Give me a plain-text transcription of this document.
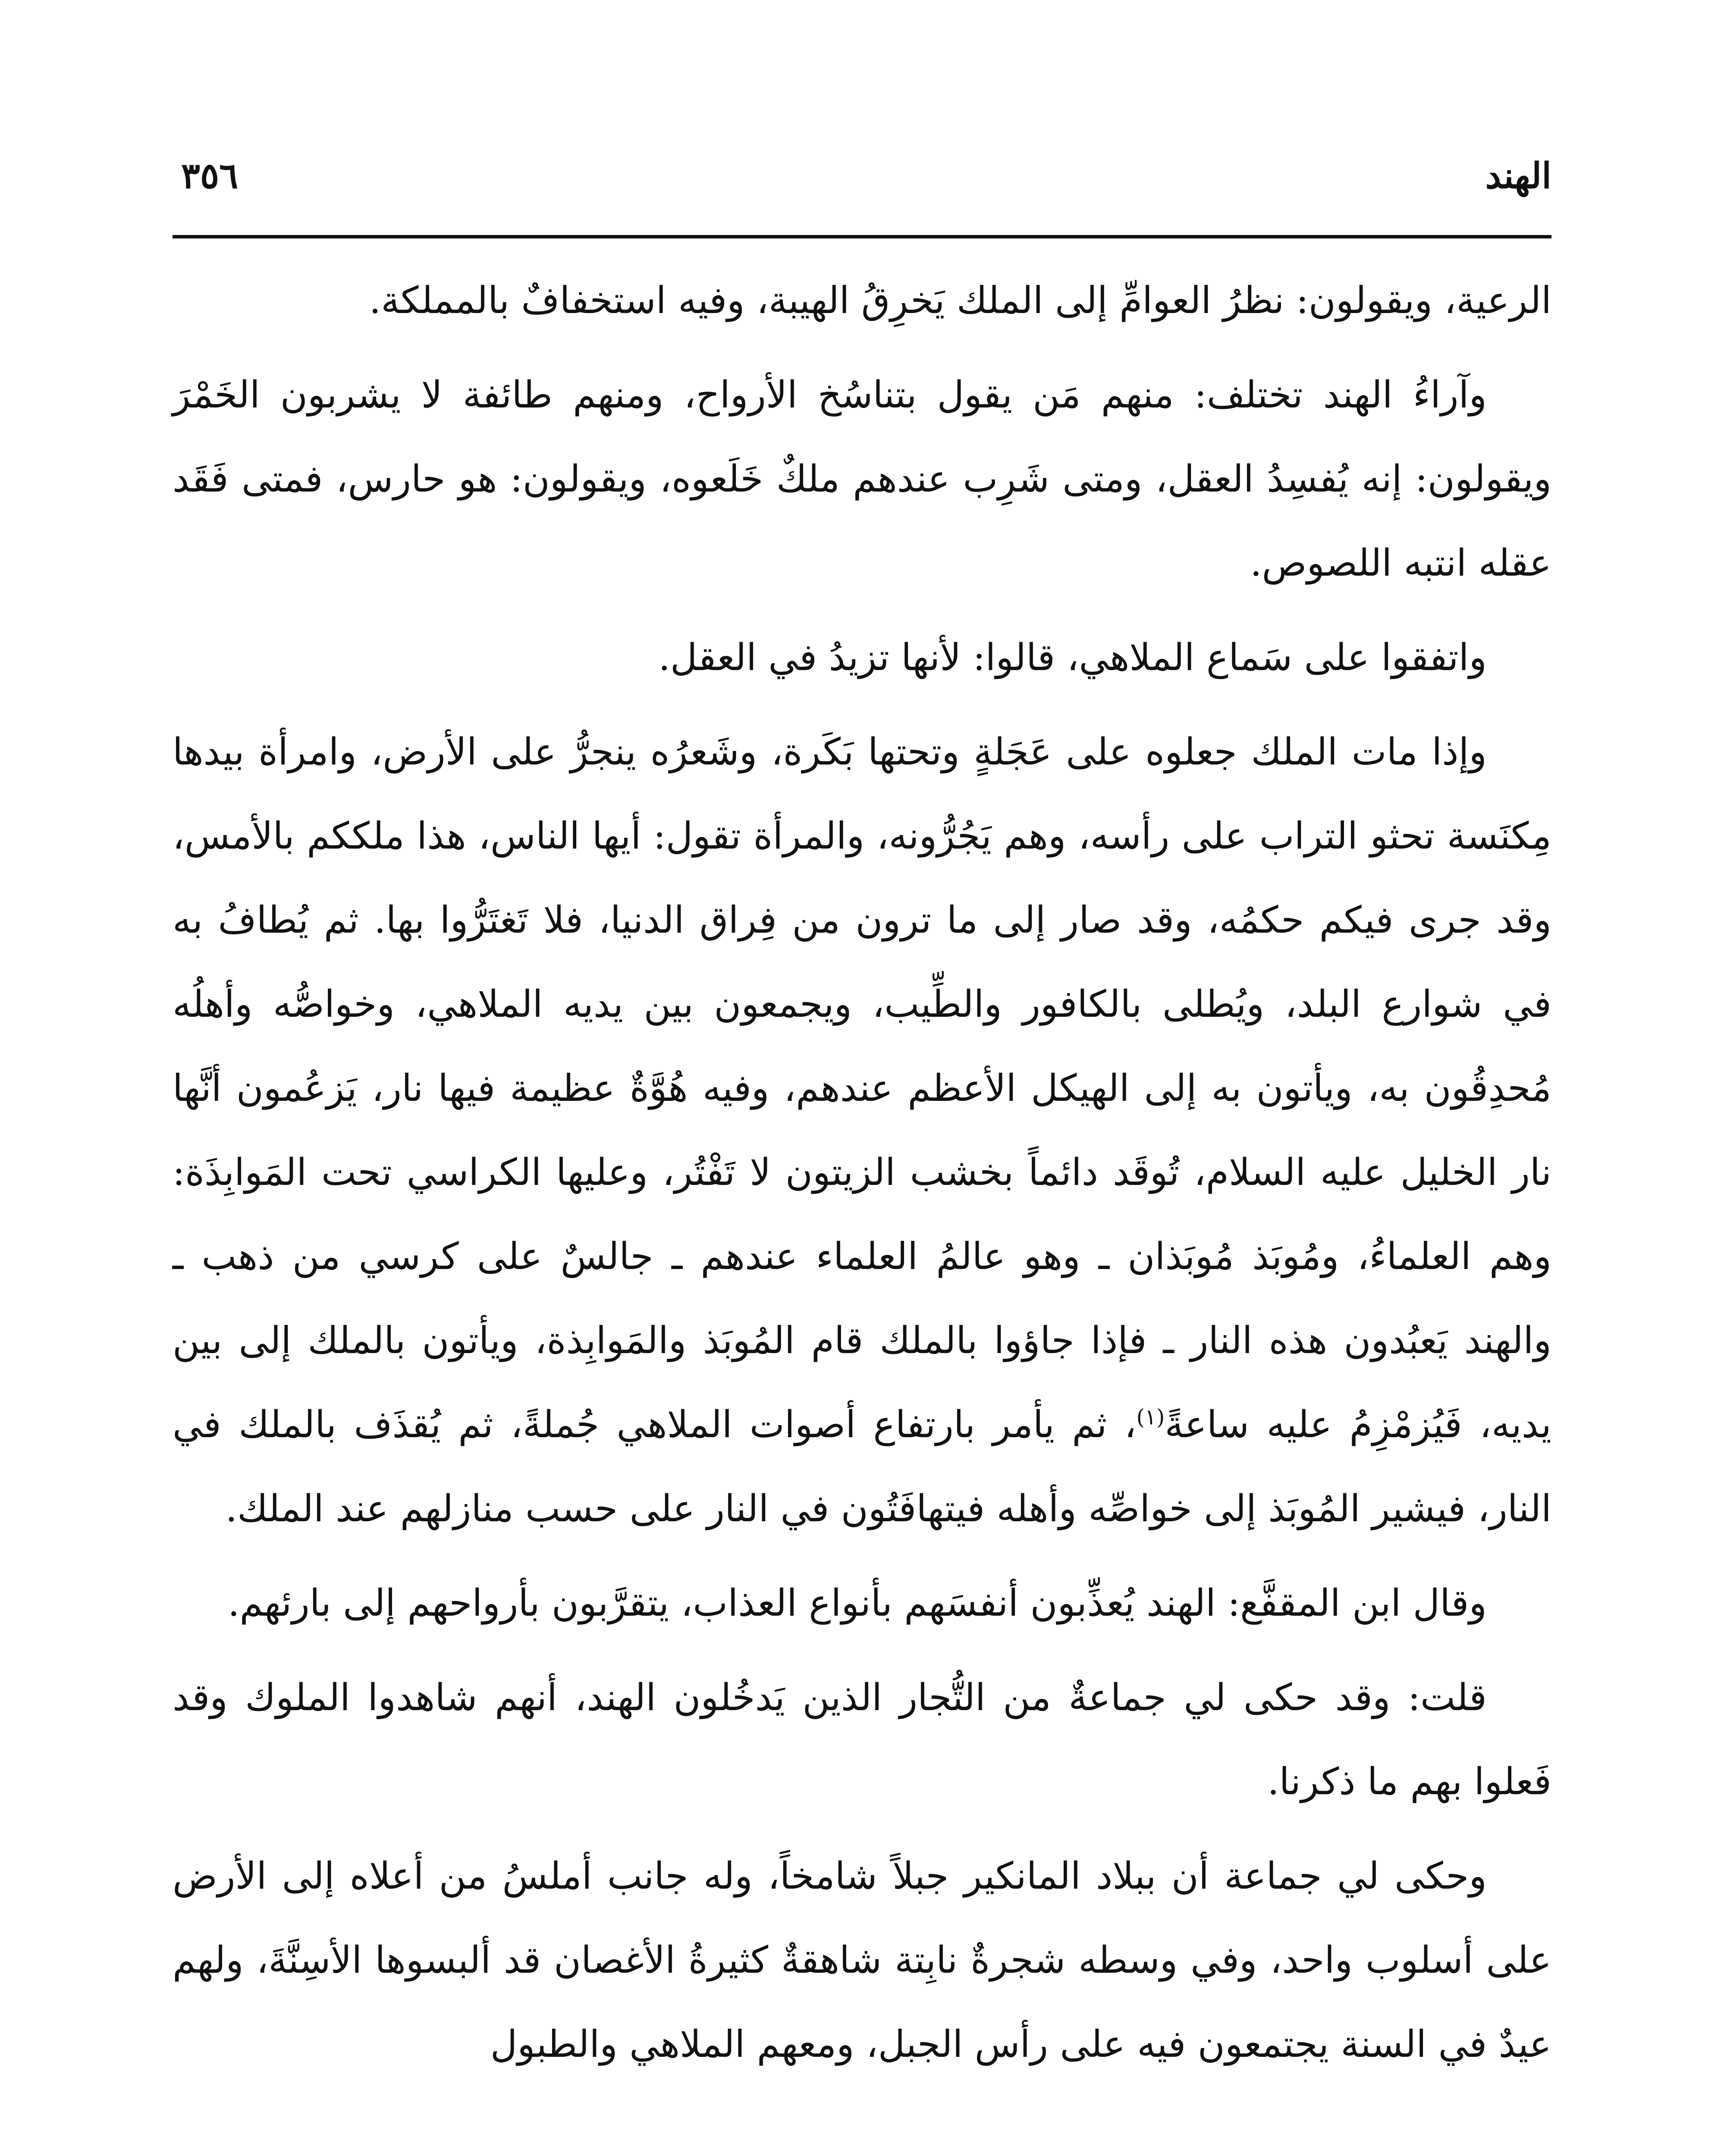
الهند
٣٥٦

الرعية، ويقولون: نظرُ العوامِّ إلى الملك يَخرِقُ الهيبة، وفيه استخفافٌ بالمملكة.

وآراءُ الهند تختلف: منهم مَن يقول بتناسُخ الأرواح، ومنهم طائفة لا يشربون الخَمْرَ ويقولون: إنه يُفسِدُ العقل، ومتى شَرِب عندهم ملكٌ خَلَعوه، ويقولون: هو حارس، فمتى فَقَد عقله انتبه اللصوص.

واتفقوا على سَماع الملاهي، قالوا: لأنها تزيدُ في العقل.

وإذا مات الملك جعلوه على عَجَلةٍ وتحتها بَكَرة، وشَعرُه ينجرُّ على الأرض، وامرأة بيدها مِكنَسة تحثو التراب على رأسه، وهم يَجُرُّونه، والمرأة تقول: أيها الناس، هذا ملككم بالأمس، وقد جرى فيكم حكمُه، وقد صار إلى ما ترون من فِراق الدنيا، فلا تَغتَرُّوا بها. ثم يُطافُ به في شوارع البلد، ويُطلى بالكافور والطِّيب، ويجمعون بين يديه الملاهي، وخواصُّه وأهلُه مُحدِقُون به، ويأتون به إلى الهيكل الأعظم عندهم، وفيه هُوَّةٌ عظيمة فيها نار، يَزعُمون أنَّها نار الخليل عليه السلام، تُوقَد دائماً بخشب الزيتون لا تَفْتُر، وعليها الكراسي تحت المَوابِذَة: وهم العلماءُ، ومُوبَذ مُوبَذان ـ وهو عالمُ العلماء عندهم ـ جالسٌ على كرسي من ذهب ـ والهند يَعبُدون هذه النار ـ فإذا جاؤوا بالملك قام المُوبَذ والمَوابِذة، ويأتون بالملك إلى بين يديه، فَيُزمْزِمُ عليه ساعةً$^{(١)}$، ثم يأمر بارتفاع أصوات الملاهي جُملةً، ثم يُقذَف بالملك في النار، فيشير المُوبَذ إلى خواصِّه وأهله فيتهافَتُون في النار على حسب منازلهم عند الملك.

وقال ابن المقفَّع: الهند يُعذِّبون أنفسَهم بأنواع العذاب، يتقرَّبون بأرواحهم إلى بارئهم.

قلت: وقد حكى لي جماعةٌ من التُّجار الذين يَدخُلون الهند، أنهم شاهدوا الملوك وقد فَعلوا بهم ما ذكرنا.

وحكى لي جماعة أن ببلاد المانكير جبلاً شامخاً، وله جانب أملسُ من أعلاه إلى الأرض على أسلوب واحد، وفي وسطه شجرةٌ نابِتة شاهقةٌ كثيرةُ الأغصان قد ألبسوها الأسِنَّةَ، ولهم عيدٌ في السنة يجتمعون فيه على رأس الجبل، ومعهم الملاهي والطبول
